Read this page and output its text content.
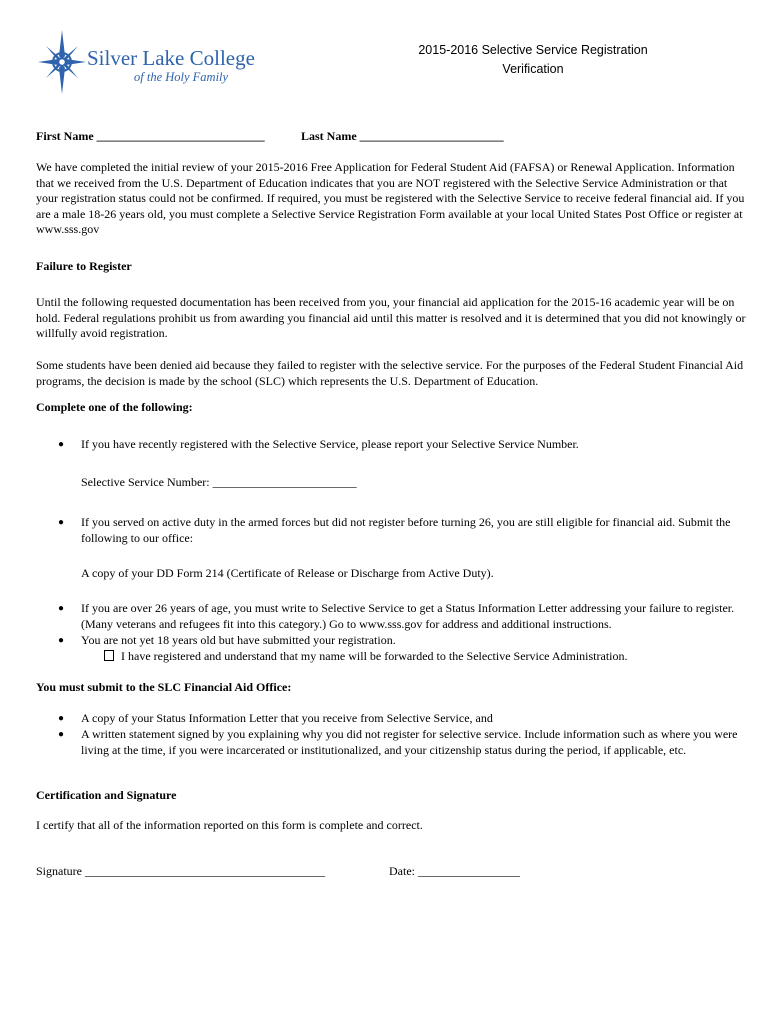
Silver Lake College
of the Holy Family
2015-2016 Selective Service Registration
Verification
First Name ____________________________	Last Name ________________________
We have completed the initial review of your 2015-2016 Free Application for Federal Student Aid (FAFSA) or Renewal Application. Information that we received from the U.S. Department of Education indicates that you are NOT registered with the Selective Service Administration or that your registration status could not be confirmed. If required, you must be registered with the Selective Service to receive federal financial aid. If you are a male 18-26 years old, you must complete a Selective Service Registration Form available at your local United States Post Office or register at www.sss.gov
Failure to Register
Until the following requested documentation has been received from you, your financial aid application for the 2015-16 academic year will be on hold. Federal regulations prohibit us from awarding you financial aid until this matter is resolved and it is determined that you did not knowingly or willfully avoid registration.
Some students have been denied aid because they failed to register with the selective service. For the purposes of the Federal Student Financial Aid programs, the decision is made by the school (SLC) which represents the U.S. Department of Education.
Complete one of the following:
● If you have recently registered with the Selective Service, please report your Selective Service Number.
Selective Service Number: ________________________
● If you served on active duty in the armed forces but did not register before turning 26, you are still eligible for financial aid. Submit the following to our office:
A copy of your DD Form 214 (Certificate of Release or Discharge from Active Duty).
● If you are over 26 years of age, you must write to Selective Service to get a Status Information Letter addressing your failure to register. (Many veterans and refugees fit into this category.) Go to www.sss.gov for address and additional instructions.
● You are not yet 18 years old but have submitted your registration.
I have registered and understand that my name will be forwarded to the Selective Service Administration.
You must submit to the SLC Financial Aid Office:
● A copy of your Status Information Letter that you receive from Selective Service, and
● A written statement signed by you explaining why you did not register for selective service. Include information such as where you were living at the time, if you were incarcerated or institutionalized, and your citizenship status during the period, if applicable, etc.
Certification and Signature
I certify that all of the information reported on this form is complete and correct.
Signature ________________________________________	Date: _________________
